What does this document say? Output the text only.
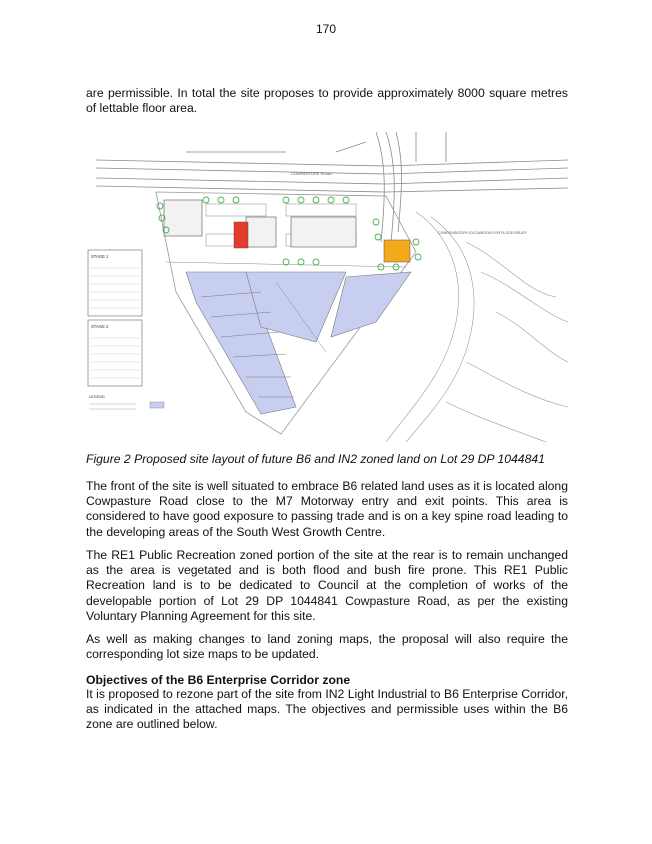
170

are permissible. In total the site proposes to provide approximately 8000 square metres of lettable floor area.

COWPASTURE ROAD
COMPENSATORY EXCAVATION FOR FLOOD RELIEF
STAGE 1
STAGE 2
LEGEND

Figure 2 Proposed site layout of future B6 and IN2 zoned land on Lot 29 DP 1044841

The front of the site is well situated to embrace B6 related land uses as it is located along Cowpasture Road close to the M7 Motorway entry and exit points. This area is considered to have good exposure to passing trade and is on a key spine road leading to the developing areas of the South West Growth Centre.

The RE1 Public Recreation zoned portion of the site at the rear is to remain unchanged as the area is vegetated and is both flood and bush fire prone. This RE1 Public Recreation land is to be dedicated to Council at the completion of works of the developable portion of Lot 29 DP 1044841 Cowpasture Road, as per the existing Voluntary Planning Agreement for this site.

As well as making changes to land zoning maps, the proposal will also require the corresponding lot size maps to be updated.

Objectives of the B6 Enterprise Corridor zone

It is proposed to rezone part of the site from IN2 Light Industrial to B6 Enterprise Corridor, as indicated in the attached maps. The objectives and permissible uses within the B6 zone are outlined below.
